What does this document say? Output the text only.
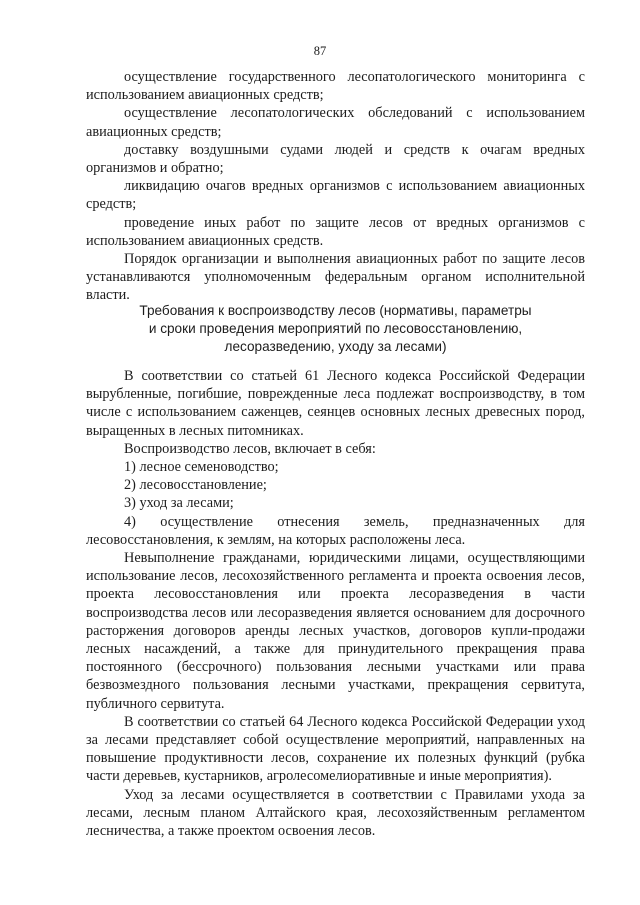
87

осуществление государственного лесопатологического мониторинга с использованием авиационных средств;

осуществление лесопатологических обследований с использованием авиационных средств;

доставку воздушными судами людей и средств к очагам вредных организмов и обратно;

ликвидацию очагов вредных организмов с использованием авиационных средств;

проведение иных работ по защите лесов от вредных организмов с использованием авиационных средств.

Порядок организации и выполнения авиационных работ по защите лесов устанавливаются уполномоченным федеральным органом исполнительной власти.

Требования к воспроизводству лесов (нормативы, параметры
и сроки проведения мероприятий по лесовосстановлению,
лесоразведению, уходу за лесами)

В соответствии со статьей 61 Лесного кодекса Российской Федерации вырубленные, погибшие, поврежденные леса подлежат воспроизводству, в том числе с использованием саженцев, сеянцев основных лесных древесных пород, выращенных в лесных питомниках.

Воспроизводство лесов, включает в себя:

1) лесное семеноводство;

2) лесовосстановление;

3) уход за лесами;

4) осуществление отнесения земель, предназначенных для лесовосстановления, к землям, на которых расположены леса.

Невыполнение гражданами, юридическими лицами, осуществляющими использование лесов, лесохозяйственного регламента и проекта освоения лесов, проекта лесовосстановления или проекта лесоразведения в части воспроизводства лесов или лесоразведения является основанием для досрочного расторжения договоров аренды лесных участков, договоров купли-продажи лесных насаждений, а также для принудительного прекращения права постоянного (бессрочного) пользования лесными участками или права безвозмездного пользования лесными участками, прекращения сервитута, публичного сервитута.

В соответствии со статьей 64 Лесного кодекса Российской Федерации уход за лесами представляет собой осуществление мероприятий, направленных на повышение продуктивности лесов, сохранение их полезных функций (рубка части деревьев, кустарников, агролесомелиоративные и иные мероприятия).

Уход за лесами осуществляется в соответствии с Правилами ухода за лесами, лесным планом Алтайского края, лесохозяйственным регламентом лесничества, а также проектом освоения лесов.
